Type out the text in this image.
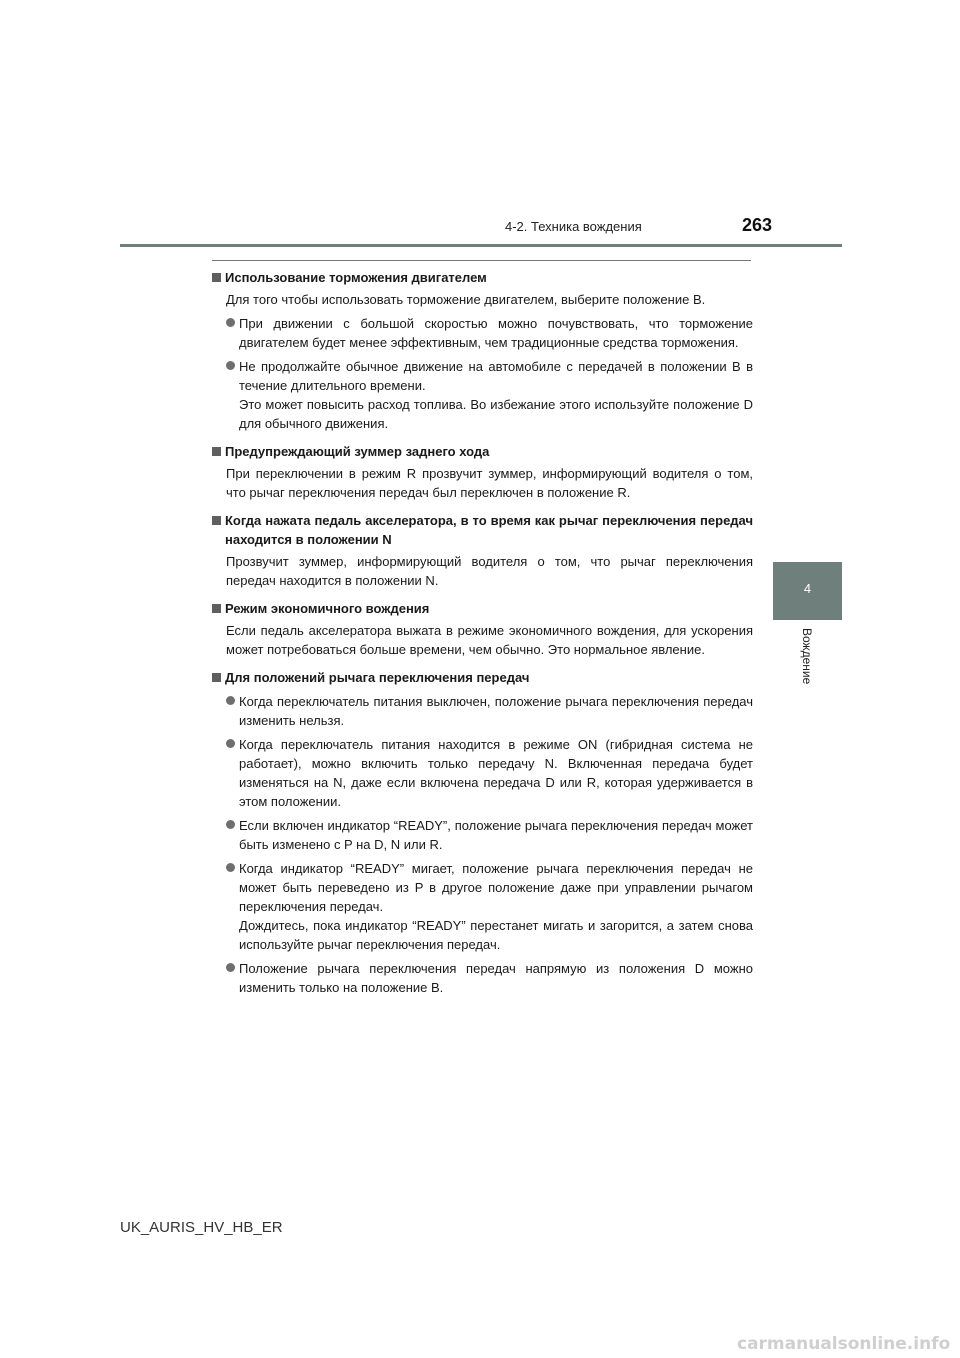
4-2. Техника вождения	263
4
Вождение
Использование торможения двигателем
Для того чтобы использовать торможение двигателем, выберите положение B.
При движении с большой скоростью можно почувствовать, что торможение двигателем будет менее эффективным, чем традиционные средства торможения.
Не продолжайте обычное движение на автомобиле с передачей в положении B в течение длительного времени.
Это может повысить расход топлива. Во избежание этого используйте положение D для обычного движения.
Предупреждающий зуммер заднего хода
При переключении в режим R прозвучит зуммер, информирующий водителя о том, что рычаг переключения передач был переключен в положение R.
Когда нажата педаль акселератора, в то время как рычаг переключения передач находится в положении N
Прозвучит зуммер, информирующий водителя о том, что рычаг переключения передач находится в положении N.
Режим экономичного вождения
Если педаль акселератора выжата в режиме экономичного вождения, для ускорения может потребоваться больше времени, чем обычно. Это нормальное явление.
Для положений рычага переключения передач
Когда переключатель питания выключен, положение рычага переключения передач изменить нельзя.
Когда переключатель питания находится в режиме ON (гибридная система не работает), можно включить только передачу N. Включенная передача будет изменяться на N, даже если включена передача D или R, которая удерживается в этом положении.
Если включен индикатор “READY”, положение рычага переключения передач может быть изменено с P на D, N или R.
Когда индикатор “READY” мигает, положение рычага переключения передач не может быть переведено из P в другое положение даже при управлении рычагом переключения передач.
Дождитесь, пока индикатор “READY” перестанет мигать и загорится, а затем снова используйте рычаг переключения передач.
Положение рычага переключения передач напрямую из положения D можно изменить только на положение B.
UK_AURIS_HV_HB_ER
carmanualsonline.info
